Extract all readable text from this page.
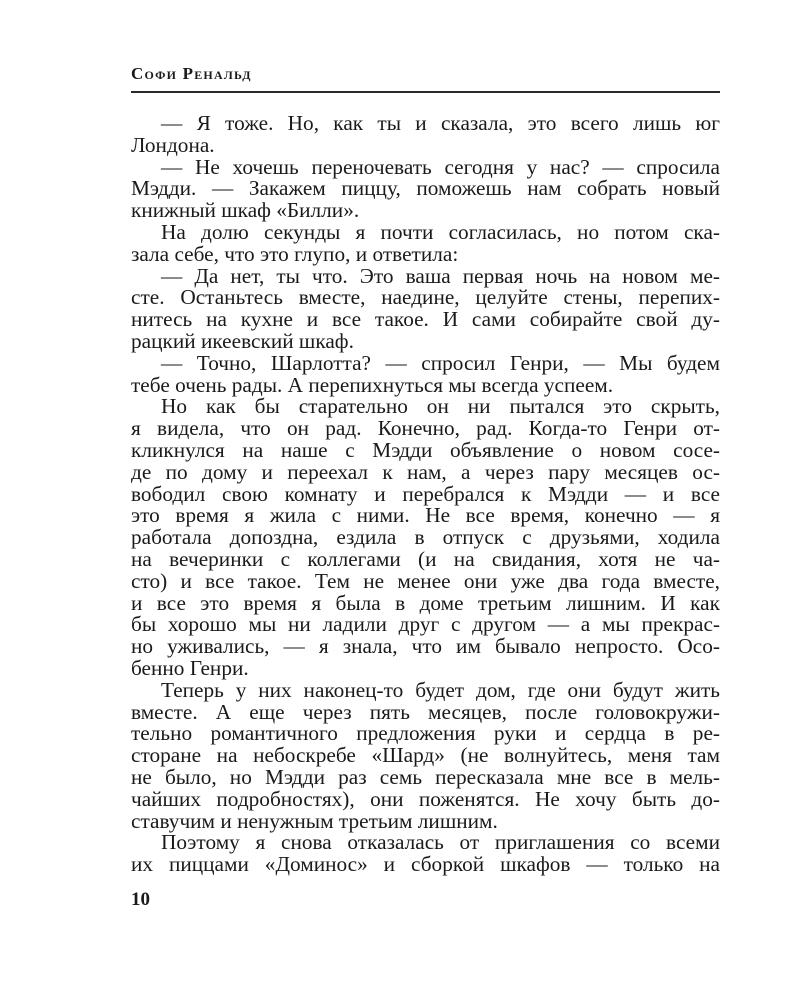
Софи Ренальд
— Я тоже. Но, как ты и сказала, это всего лишь юг
Лондона.
— Не хочешь переночевать сегодня у нас? — спросила
Мэдди. — Закажем пиццу, поможешь нам собрать новый
книжный шкаф «Билли».
На долю секунды я почти согласилась, но потом ска-
зала себе, что это глупо, и ответила:
— Да нет, ты что. Это ваша первая ночь на новом ме-
сте. Останьтесь вместе, наедине, целуйте стены, перепих-
нитесь на кухне и все такое. И сами собирайте свой ду-
рацкий икеевский шкаф.
— Точно, Шарлотта? — спросил Генри, — Мы будем
тебе очень рады. А перепихнуться мы всегда успеем.
Но как бы старательно он ни пытался это скрыть,
я видела, что он рад. Конечно, рад. Когда-то Генри от-
кликнулся на наше с Мэдди объявление о новом сосе-
де по дому и переехал к нам, а через пару месяцев ос-
вободил свою комнату и перебрался к Мэдди — и все
это время я жила с ними. Не все время, конечно — я
работала допоздна, ездила в отпуск с друзьями, ходила
на вечеринки с коллегами (и на свидания, хотя не ча-
сто) и все такое. Тем не менее они уже два года вместе,
и все это время я была в доме третьим лишним. И как
бы хорошо мы ни ладили друг с другом — а мы прекрас-
но уживались, — я знала, что им бывало непросто. Осо-
бенно Генри.
Теперь у них наконец-то будет дом, где они будут жить
вместе. А еще через пять месяцев, после головокружи-
тельно романтичного предложения руки и сердца в ре-
сторане на небоскребе «Шард» (не волнуйтесь, меня там
не было, но Мэдди раз семь пересказала мне все в мель-
чайших подробностях), они поженятся. Не хочу быть до-
ставучим и ненужным третьим лишним.
Поэтому я снова отказалась от приглашения со всеми
их пиццами «Доминос» и сборкой шкафов — только на
10
